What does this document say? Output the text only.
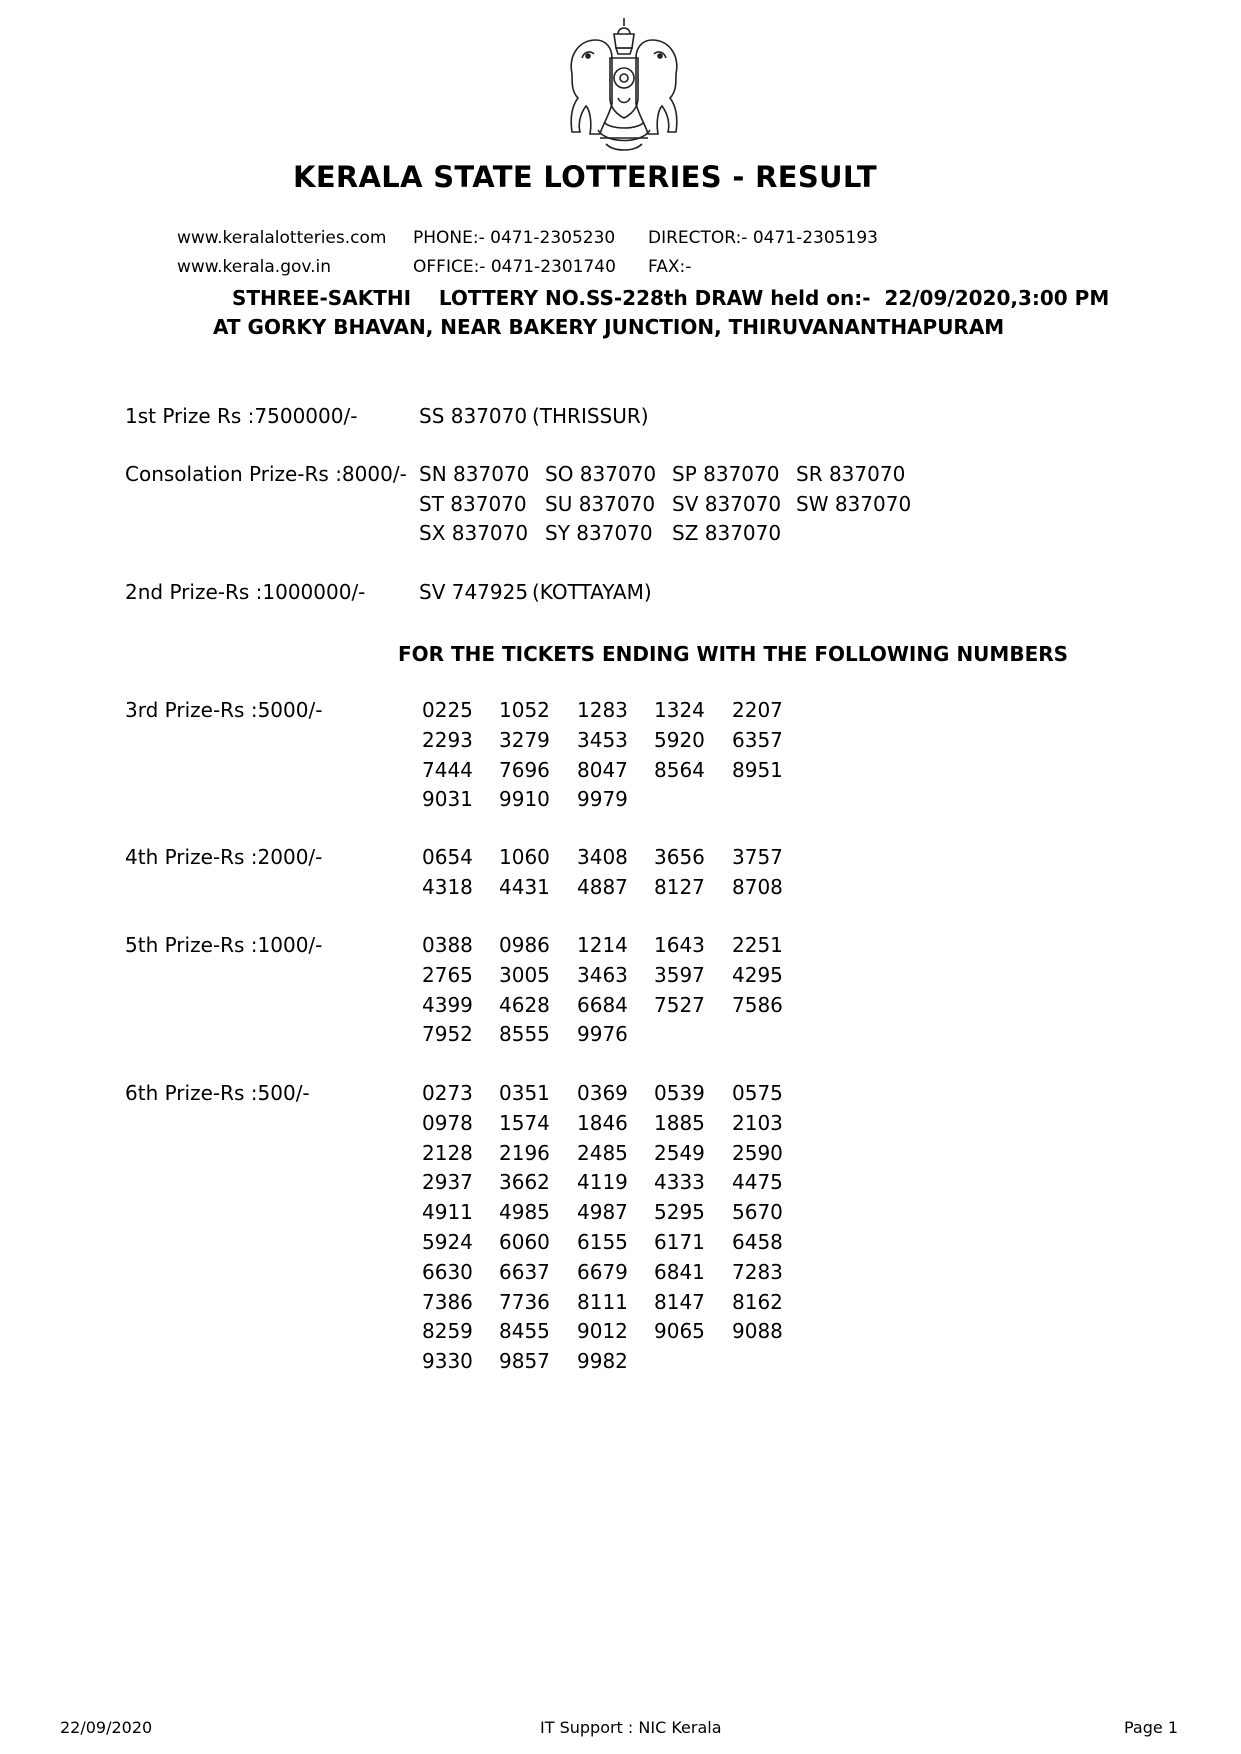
KERALA STATE LOTTERIES - RESULT
www.keralalotteries.com PHONE:- 0471-2305230 DIRECTOR:- 0471-2305193
www.kerala.gov.in	OFFICE:- 0471-2301740 FAX:-
STHREE-SAKTHI    LOTTERY NO.SS-228th DRAW held on:-  22/09/2020,3:00 PM
AT GORKY BHAVAN, NEAR BAKERY JUNCTION, THIRUVANANTHAPURAM
1st Prize Rs :7500000/-	SS 837070 (THRISSUR)
Consolation Prize-Rs :8000/- SN 837070 SO 837070 SP 837070 SR 837070
ST 837070 SU 837070 SV 837070 SW 837070
SX 837070 SY 837070 SZ 837070
2nd Prize-Rs :1000000/-	SV 747925 (KOTTAYAM)
FOR THE TICKETS ENDING WITH THE FOLLOWING NUMBERS
3rd Prize-Rs :5000/-	0225 1052 1283 1324 2207
2293 3279 3453 5920 6357
7444 7696 8047 8564 8951
9031 9910 9979
4th Prize-Rs :2000/-	0654 1060 3408 3656 3757
4318 4431 4887 8127 8708
5th Prize-Rs :1000/-	0388 0986 1214 1643 2251
2765 3005 3463 3597 4295
4399 4628 6684 7527 7586
7952 8555 9976
6th Prize-Rs :500/-	0273 0351 0369 0539 0575
0978 1574 1846 1885 2103
2128 2196 2485 2549 2590
2937 3662 4119 4333 4475
4911 4985 4987 5295 5670
5924 6060 6155 6171 6458
6630 6637 6679 6841 7283
7386 7736 8111 8147 8162
8259 8455 9012 9065 9088
9330 9857 9982
22/09/2020	IT Support : NIC Kerala	Page 1
